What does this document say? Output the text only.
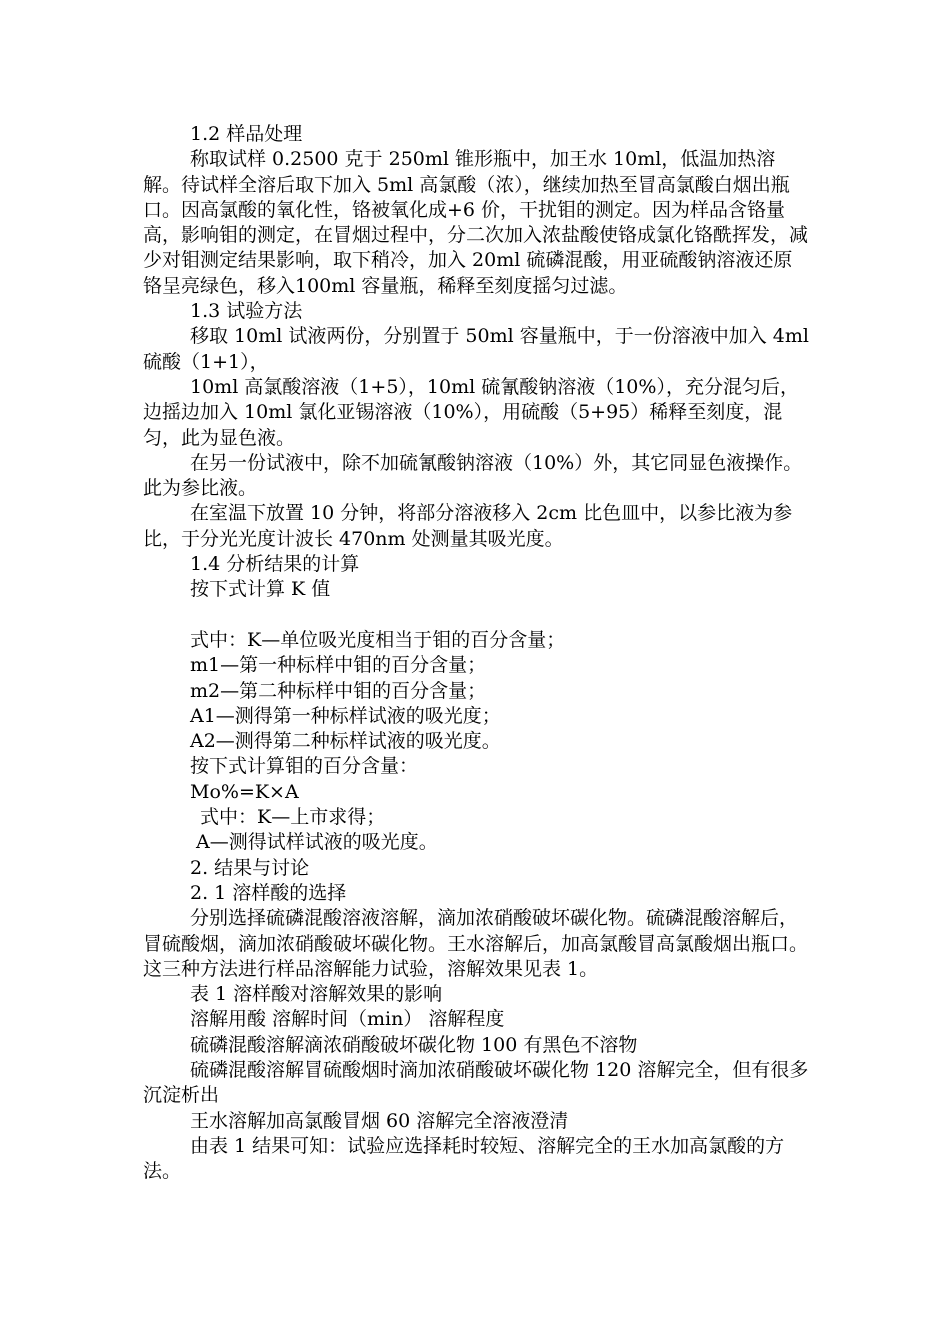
1.2 样品处理
称取试样 0.2500 克于 250ml 锥形瓶中，加王水 10ml，低温加热溶解。待试样全溶后取下加入 5ml 高氯酸（浓），继续加热至冒高氯酸白烟出瓶口。因高氯酸的氧化性，铬被氧化成+6 价，干扰钼的测定。因为样品含铬量高，影响钼的测定，在冒烟过程中，分二次加入浓盐酸使铬成氯化铬酰挥发，减少对钼测定结果影响，取下稍冷，加入 20ml 硫磷混酸，用亚硫酸钠溶液还原铬呈亮绿色，移入100ml 容量瓶，稀释至刻度摇匀过滤。
1.3 试验方法
移取 10ml 试液两份，分别置于 50ml 容量瓶中，于一份溶液中加入 4ml 硫酸（1+1），
10ml 高氯酸溶液（1+5），10ml 硫氰酸钠溶液（10%），充分混匀后，边摇边加入 10ml 氯化亚锡溶液（10%），用硫酸（5+95）稀释至刻度，混匀，此为显色液。
在另一份试液中，除不加硫氰酸钠溶液（10%）外，其它同显色液操作。此为参比液。
在室温下放置 10 分钟，将部分溶液移入 2cm 比色皿中，以参比液为参比，于分光光度计波长 470nm 处测量其吸光度。
1.4 分析结果的计算
按下式计算 K 值
式中：K—单位吸光度相当于钼的百分含量；
m1—第一种标样中钼的百分含量；
m2—第二种标样中钼的百分含量；
A1—测得第一种标样试液的吸光度；
A2—测得第二种标样试液的吸光度。
按下式计算钼的百分含量：
Mo%=K×A
式中：K—上市求得；
A—测得试样试液的吸光度。
2. 结果与讨论
2. 1 溶样酸的选择
分别选择硫磷混酸溶液溶解，滴加浓硝酸破坏碳化物。硫磷混酸溶解后，冒硫酸烟，滴加浓硝酸破坏碳化物。王水溶解后，加高氯酸冒高氯酸烟出瓶口。这三种方法进行样品溶解能力试验，溶解效果见表 1。
表 1 溶样酸对溶解效果的影响
溶解用酸 溶解时间（min） 溶解程度
硫磷混酸溶解滴浓硝酸破坏碳化物 100 有黑色不溶物
硫磷混酸溶解冒硫酸烟时滴加浓硝酸破坏碳化物 120 溶解完全，但有很多沉淀析出
王水溶解加高氯酸冒烟 60 溶解完全溶液澄清
由表 1 结果可知：试验应选择耗时较短、溶解完全的王水加高氯酸的方法。
